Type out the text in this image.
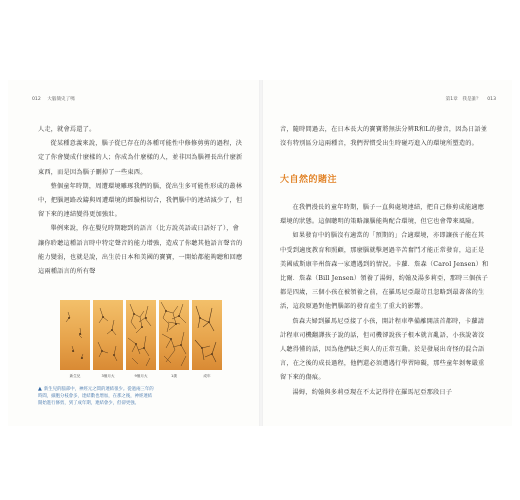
012 大腦簡史了嗎

人走，就會焉還了。

從某種意義來說，腦子從已存在的各種可能性中修修剪剪的過程，決定了你會變成什麼樣的人；你成為什麼樣的人，並非因為腦裡長出什麼新東西，而是因為腦子刪掉了一些東西。

整個童年時期，周遭環境雕琢我們的腦，從出生多可能性形成的叢林中，把腦迴路改鑄與周遭環境的經驗相切合，我們腦中的連結減少了，但留下來的連結變得更加強壯。

舉例來說，你在嬰兒時期聽到的語言（比方說英語或日語好了），會讓你聆聽這種語言時中特定聲音的能力增強，造成了你聽其他語言聲音的能力變弱，也就是說，出生於日本和美國的寶寶，一開始都能夠聽和回應這兩種語言的所有聲

新生兒	3個月大	9個月大	1歲	成年
▲ 新生兒的腦部中，神經元之間的連結很少。從過兩三年的時間，細胞分枝會多，達結數也增加，在那之後，神經連結開始進行修剪，到了成年期，連結會少，但卻更強。
第1章　我是誰？ 013

音，隨時間過去，在日本長大的寶寶將無法分辨R和L的發音，因為日語並沒有特別區分這兩種音，我們習慣受出生時碰巧進入的環境所塑造的。

大自然的賭注

在我們漫長的童年時期，腦子一直與處境連結，把自己修剪成能適應環境的狀態。這個聰明的策略讓腦能夠配合環境，但它也會帶來風險。

如果發育中的腦沒有適當的「預期的」合適環境，亦即讓孩子能在其中受到適度教育和照顧，那麼腦就擊迴過辛苦奮鬥才能正常發育，這正是美國威斯康辛州詹森一家遭遇到的情況。卡蘿．詹森（Carol Jensen）和比爾．詹森（Bill Jensen）領養了湯姆，約翰及湯多莉亞，那時三個孩子都是四歲，三個小孩在被領養之前，在羅馬尼亞嚴苛且忽略到最著落的生活，這段原過對他們腦部的發育產生了重大的影響。

詹森夫婦到羅馬尼亞接了小孩，開計程車準備離開該首都時，卡蘿請計程車司機翻譯孩子說的話，但司機卻說孩子根本就言亂語，小孩說著沒人聽得懂的話，因為他們缺乏與人的正常互動。於是發展出奇怪的混合語言，在之後的成長過程，他們還必須遭遇行學習障礙，那些童年剝奪嚴重留下來的傷痕。

湯姆，約翰與多莉亞現在不太記得待在羅馬尼亞那段日子
